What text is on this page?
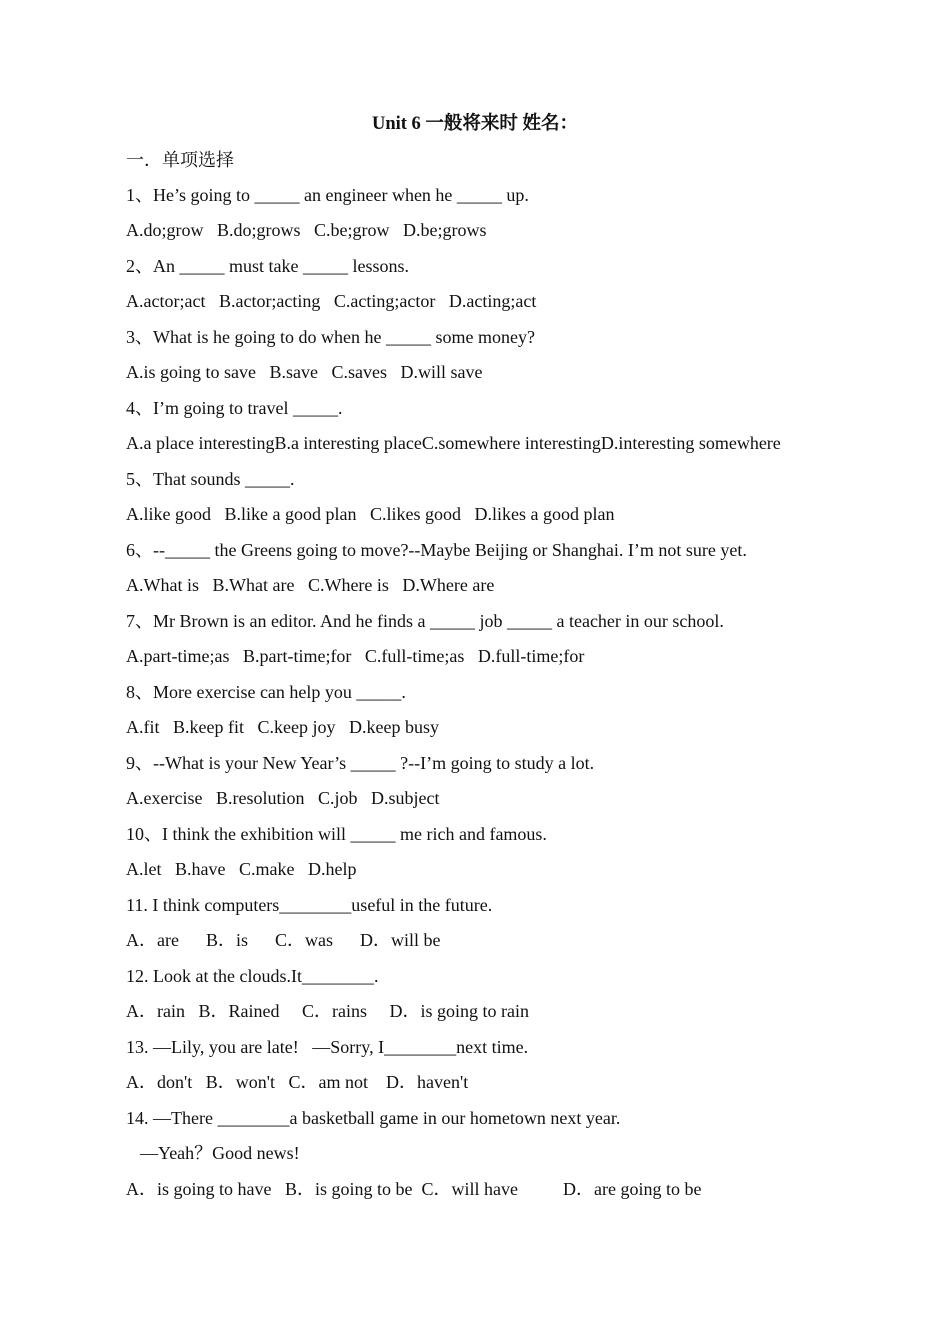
Unit 6 一般将来时 姓名：
一．单项选择
1、He’s going to _____ an engineer when he _____ up.
A.do;grow   B.do;grows   C.be;grow   D.be;grows
2、An _____ must take _____ lessons.
A.actor;act   B.actor;acting   C.acting;actor   D.acting;act
3、What is he going to do when he _____ some money?
A.is going to save   B.save   C.saves   D.will save
4、I’m going to travel _____.
A.a place interestingB.a interesting placeC.somewhere interestingD.interesting somewhere
5、That sounds _____.
A.like good   B.like a good plan   C.likes good   D.likes a good plan
6、--_____ the Greens going to move?--Maybe Beijing or Shanghai. I’m not sure yet.
A.What is   B.What are   C.Where is   D.Where are
7、Mr Brown is an editor. And he finds a _____ job _____ a teacher in our school.
A.part-time;as   B.part-time;for   C.full-time;as   D.full-time;for
8、More exercise can help you _____.
A.fit   B.keep fit   C.keep joy   D.keep busy
9、--What is your New Year’s _____ ?--I’m going to study a lot.
A.exercise   B.resolution   C.job   D.subject
10、I think the exhibition will _____ me rich and famous.
A.let   B.have   C.make   D.help
11. I think computers________useful in the future.
A．are      B．is      C．was      D．will be
12. Look at the clouds.It________.
A．rain   B．Rained     C．rains     D．is going to rain
13. —Lily, you are late!   —Sorry, I________next time.
A．don't   B．won't   C．am not    D．haven't
14. —There ________a basketball game in our hometown next year.
—Yeah？Good news!
A．is going to have   B．is going to be  C．will have          D．are going to be
